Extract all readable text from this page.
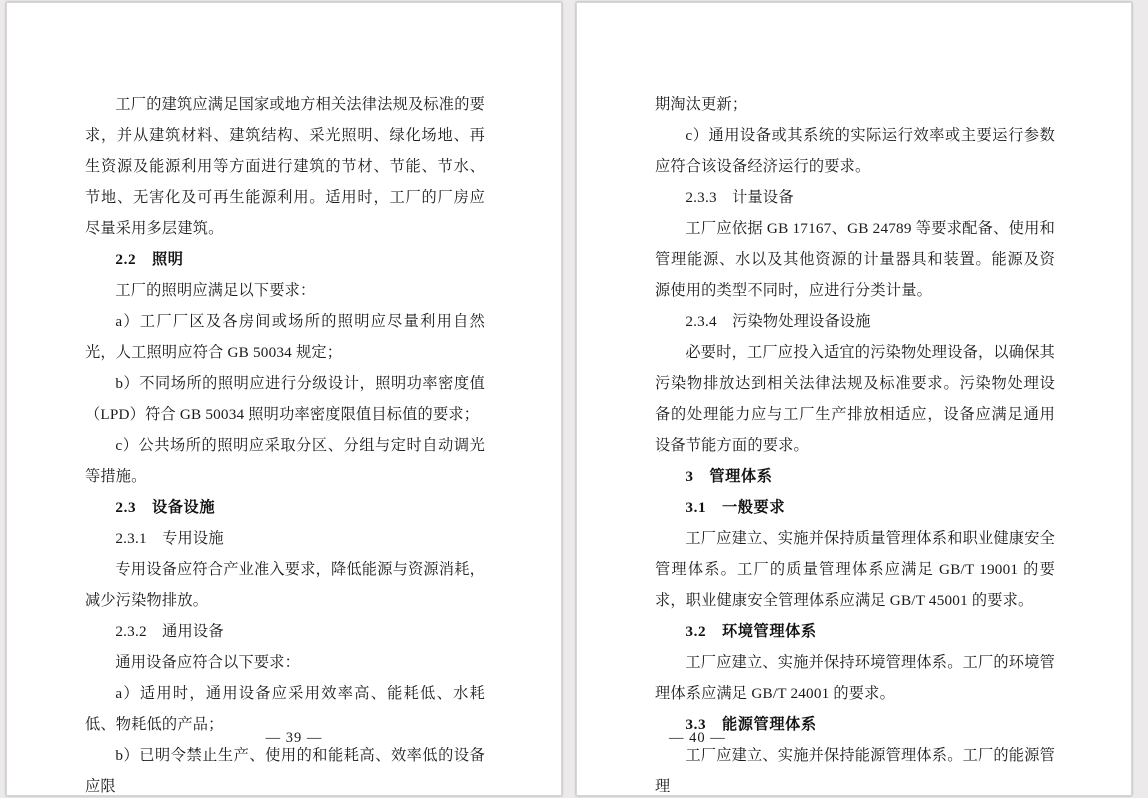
工厂的建筑应满足国家或地方相关法律法规及标准的要求，并从建筑材料、建筑结构、采光照明、绿化场地、再生资源及能源利用等方面进行建筑的节材、节能、节水、节地、无害化及可再生能源利用。适用时，工厂的厂房应尽量采用多层建筑。

2.2　照明

工厂的照明应满足以下要求：

a）工厂厂区及各房间或场所的照明应尽量利用自然光，人工照明应符合 GB 50034 规定；

b）不同场所的照明应进行分级设计，照明功率密度值（LPD）符合 GB 50034 照明功率密度限值目标值的要求；

c）公共场所的照明应采取分区、分组与定时自动调光等措施。

2.3　设备设施

2.3.1　专用设施

专用设备应符合产业准入要求，降低能源与资源消耗，减少污染物排放。

2.3.2　通用设备

通用设备应符合以下要求：

a）适用时，通用设备应采用效率高、能耗低、水耗低、物耗低的产品；

b）已明令禁止生产、使用的和能耗高、效率低的设备应限

— 39 —

期淘汰更新；

c）通用设备或其系统的实际运行效率或主要运行参数应符合该设备经济运行的要求。

2.3.3　计量设备

工厂应依据 GB 17167、GB 24789 等要求配备、使用和管理能源、水以及其他资源的计量器具和装置。能源及资源使用的类型不同时，应进行分类计量。

2.3.4　污染物处理设备设施

必要时，工厂应投入适宜的污染物处理设备，以确保其污染物排放达到相关法律法规及标准要求。污染物处理设备的处理能力应与工厂生产排放相适应，设备应满足通用设备节能方面的要求。

3　管理体系

3.1　一般要求

工厂应建立、实施并保持质量管理体系和职业健康安全管理体系。工厂的质量管理体系应满足 GB/T 19001 的要求，职业健康安全管理体系应满足 GB/T 45001 的要求。

3.2　环境管理体系

工厂应建立、实施并保持环境管理体系。工厂的环境管理体系应满足 GB/T 24001 的要求。

3.3　能源管理体系

工厂应建立、实施并保持能源管理体系。工厂的能源管理

— 40 —
